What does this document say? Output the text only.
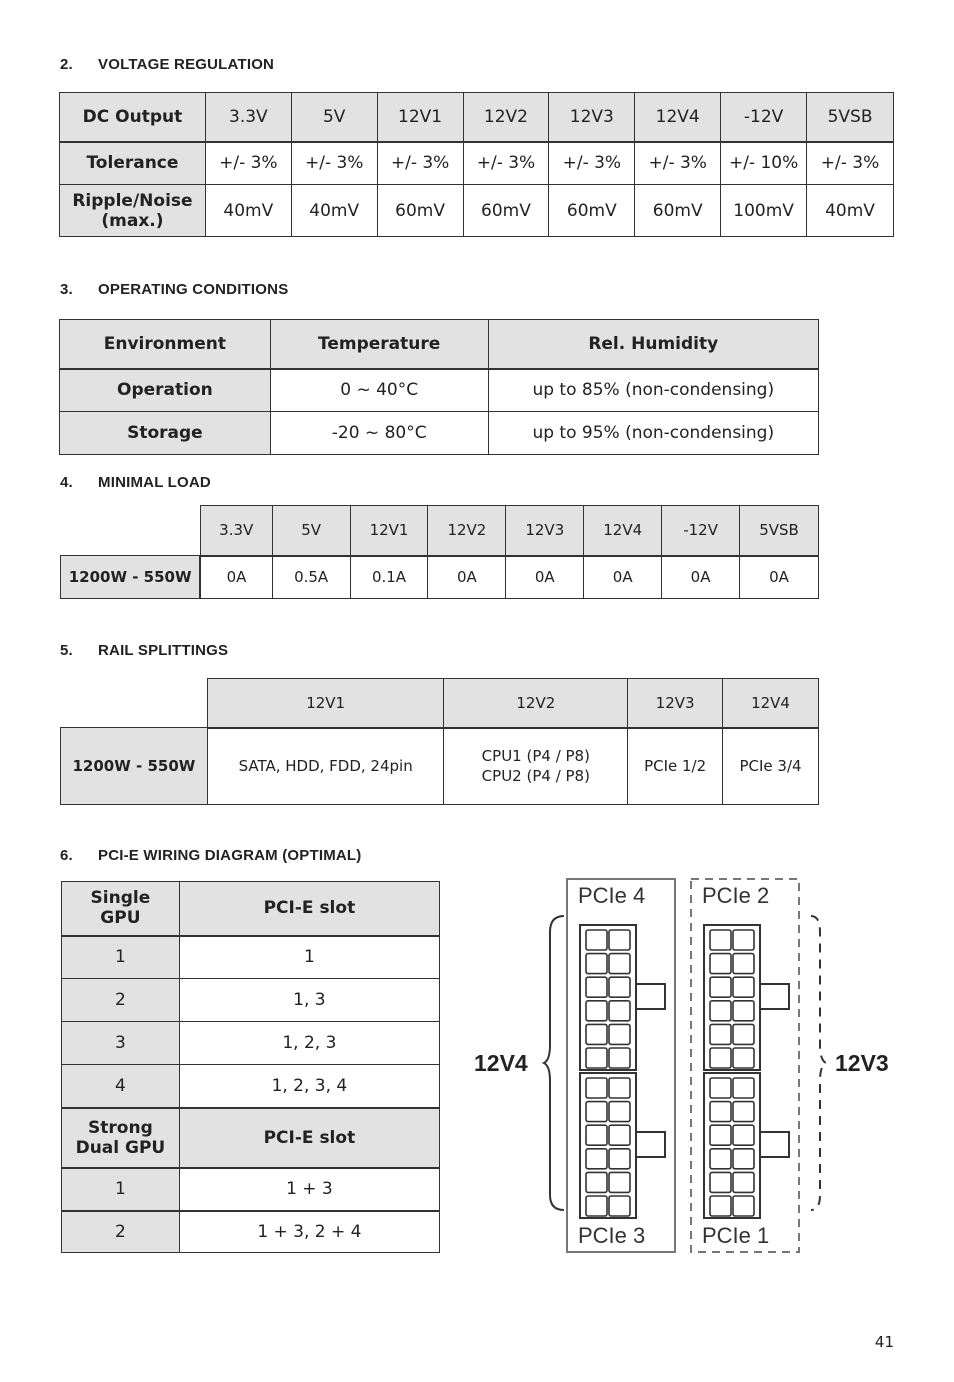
2. VOLTAGE REGULATION
3. OPERATING CONDITIONS
4. MINIMAL LOAD
5. RAIL SPLITTINGS
6. PCI-E WIRING DIAGRAM (OPTIMAL)
DC Output	3.3V	5V	12V1	12V2	12V3	12V4	-12V	5VSB
Tolerance	+/- 3%	+/- 3%	+/- 3%	+/- 3%	+/- 3%	+/- 3%	+/- 10%	+/- 3%
Ripple/Noise
(max.)	40mV	40mV	60mV	60mV	60mV	60mV	100mV	40mV
Environment	Temperature	Rel. Humidity
Operation	0 ~ 40°C	up to 85% (non-condensing)
Storage	-20 ~ 80°C	up to 95% (non-condensing)
	3.3V	5V	12V1	12V2	12V3	12V4	-12V	5VSB
1200W - 550W	0A	0.5A	0.1A	0A	0A	0A	0A	0A
	12V1	12V2	12V3	12V4
1200W - 550W	SATA, HDD, FDD, 24pin	CPU1 (P4 / P8)
CPU2 (P4 / P8)	PCIe 1/2	PCIe 3/4
Single
GPU	PCI-E slot
1	1
2	1, 3
3	1, 2, 3
4	1, 2, 3, 4
Strong
Dual GPU	PCI-E slot
1	1 + 3
2	1 + 3, 2 + 4
12V4
PCIe 4
PCIe 3
PCIe 2
PCIe 1
12V3
41
